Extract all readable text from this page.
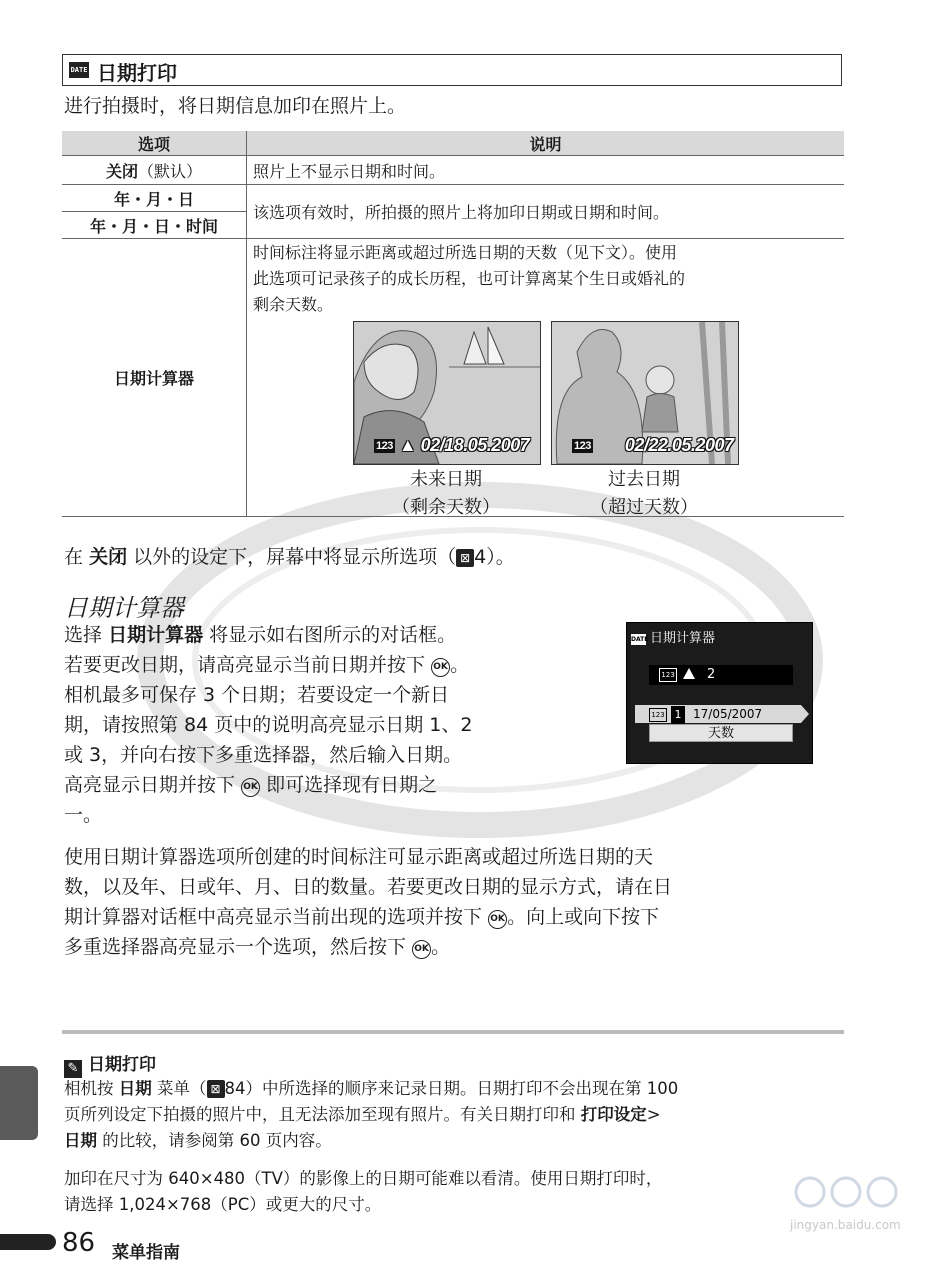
DATE 日期打印
进行拍摄时，将日期信息加印在照片上。
选项	说明
关闭（默认）	照片上不显示日期和时间。
年・月・日	该选项有效时，所拍摄的照片上将加印日期或日期和时间。
年・月・日・时间	
日期计算器	时间标注将显示距离或超过所选日期的天数（见下文）。使用
此选项可记录孩子的成长历程，也可计算离某个生日或婚礼的
剩余天数。
123 ▲ 02/18.05.2007
未来日期
（剩余天数）
123 02/22.05.2007
过去日期
（超过天数）
在 关闭 以外的设定下，屏幕中将显示所选项（ ⊠ 4）。
日期计算器
选择 日期计算器 将显示如右图所示的对话框。
若要更改日期，请高亮显示当前日期并按下 OK 。
相机最多可保存 3 个日期；若要设定一个新日
期，请按照第 84 页中的说明高亮显示日期 1、2
或 3，并向右按下多重选择器，然后输入日期。
高亮显示日期并按下 OK 即可选择现有日期之
一。
DATE 日期计算器
123 2
123 1 17/05/2007
天数
使用日期计算器选项所创建的时间标注可显示距离或超过所选日期的天
数，以及年、日或年、月、日的数量。若要更改日期的显示方式，请在日
期计算器对话框中高亮显示当前出现的选项并按下 OK 。向上或向下按下
多重选择器高亮显示一个选项，然后按下 OK 。
✎ 日期打印
相机按 日期 菜单（ ⊠ 84）中所选择的顺序来记录日期。日期打印不会出现在第 100
页所列设定下拍摄的照片中，且无法添加至现有照片。有关日期打印和 打印设定>
日期 的比较，请参阅第 60 页内容。
加印在尺寸为 640×480（TV）的影像上的日期可能难以看清。使用日期打印时，
请选择 1,024×768（PC）或更大的尺寸。
86 菜单指南
jingyan.baidu.com
